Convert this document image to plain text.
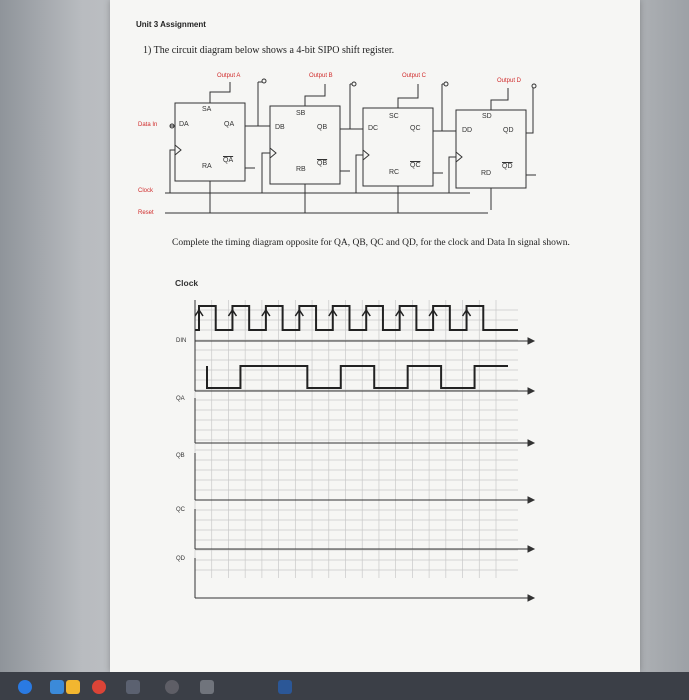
Unit 3 Assignment
1) The circuit diagram below shows a 4-bit SIPO shift register.
Output A	Output B	Output C
Output D
Data In
Clock
Reset
SA
DA	QA
RA
$\overline{QA}$
SB
DB	QB
RB
$\overline{QB}$
SC
DC	QC
RC
$\overline{QC}$
SD
DD	QD
RD
$\overline{QD}$
Complete the timing diagram opposite for QA, QB, QC and QD, for the clock and Data In signal shown.
Clock
DIN
QA
QB
QC
QD
